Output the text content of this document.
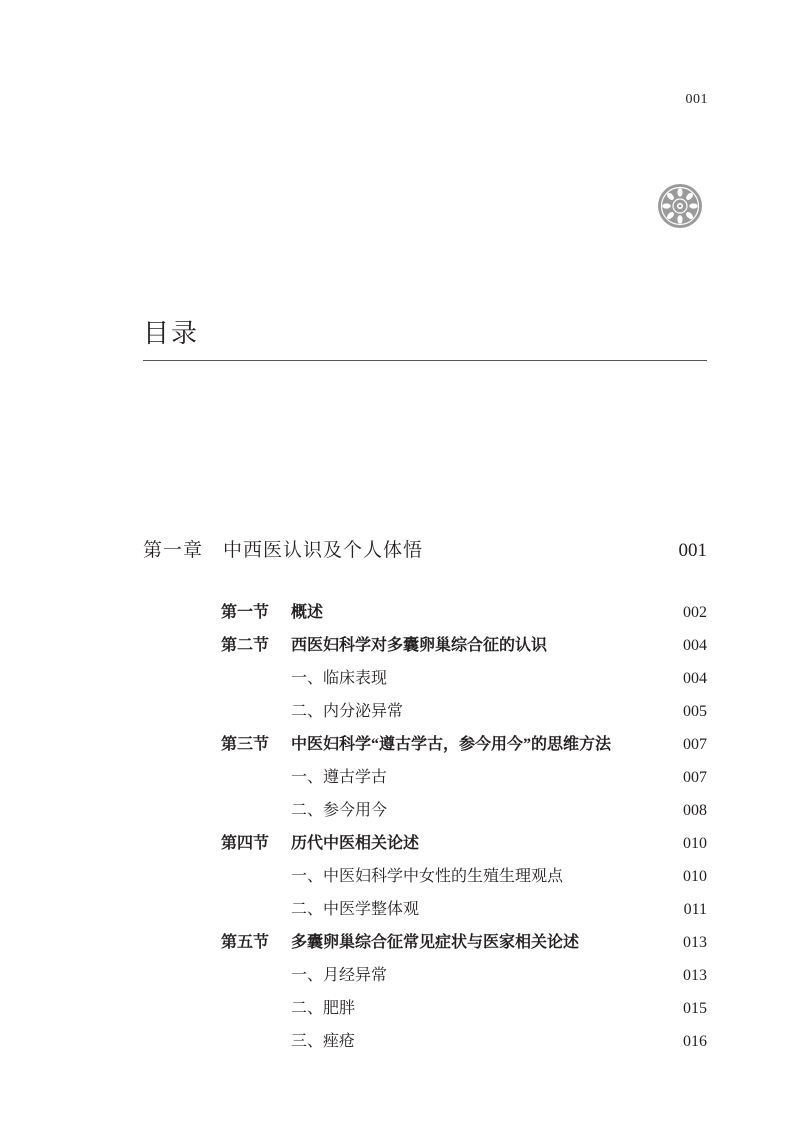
001
目录
第一章	中西医认识及个人体悟	001
第一节 概述	002
第二节 西医妇科学对多囊卵巢综合征的认识	004
一、临床表现	004
二、内分泌异常	005
第三节 中医妇科学“遵古学古，参今用今”的思维方法	007
一、遵古学古	007
二、参今用今	008
第四节 历代中医相关论述	010
一、中医妇科学中女性的生殖生理观点	010
二、中医学整体观	011
第五节 多囊卵巢综合征常见症状与医家相关论述	013
一、月经异常	013
二、肥胖	015
三、痤疮	016
